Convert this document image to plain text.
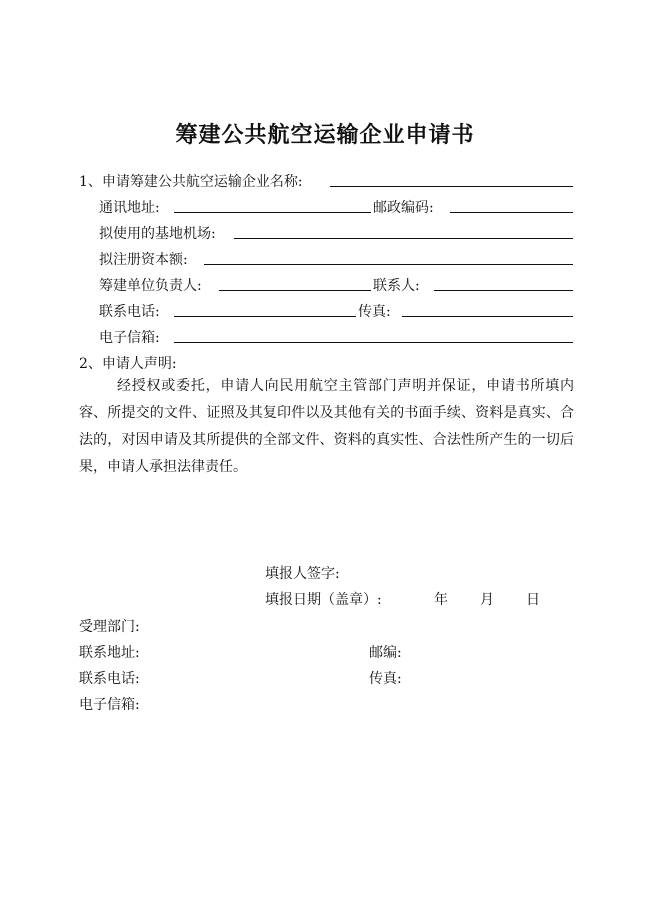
筹建公共航空运输企业申请书
1、申请筹建公共航空运输企业名称:
通讯地址:	邮政编码:
拟使用的基地机场:
拟注册资本额:
筹建单位负责人:	联系人:
联系电话:	传真:
电子信箱:
2、申请人声明:
经授权或委托，申请人向民用航空主管部门声明并保证，申请书所填内容、所提交的文件、证照及其复印件以及其他有关的书面手续、资料是真实、合法的，对因申请及其所提供的全部文件、资料的真实性、合法性所产生的一切后果，申请人承担法律责任。
填报人签字:
填报日期（盖章）:	年 月 日
受理部门:
联系地址:	邮编:
联系电话:	传真:
电子信箱:
